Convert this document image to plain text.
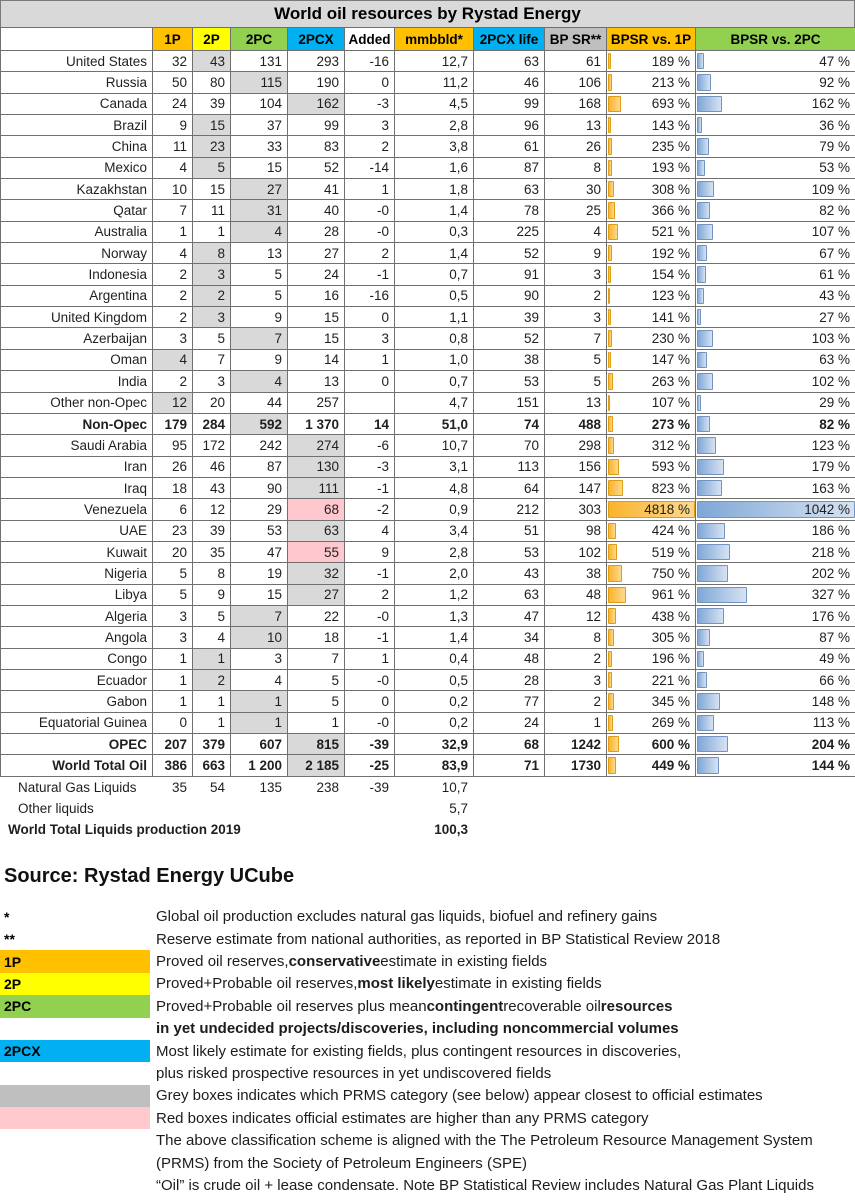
World oil resources by Rystad Energy
	1P	2P	2PC	2PCX	Added	mmbbld*	2PCX life	BP SR**	BPSR vs. 1P	BPSR vs. 2PC
United States	32	43	131	293	-16	12,7	63	61	189 %	47 %
Russia	50	80	115	190	0	11,2	46	106	213 %	92 %
Canada	24	39	104	162	-3	4,5	99	168	693 %	162 %
Brazil	9	15	37	99	3	2,8	96	13	143 %	36 %
China	11	23	33	83	2	3,8	61	26	235 %	79 %
Mexico	4	5	15	52	-14	1,6	87	8	193 %	53 %
Kazakhstan	10	15	27	41	1	1,8	63	30	308 %	109 %
Qatar	7	11	31	40	-0	1,4	78	25	366 %	82 %
Australia	1	1	4	28	-0	0,3	225	4	521 %	107 %
Norway	4	8	13	27	2	1,4	52	9	192 %	67 %
Indonesia	2	3	5	24	-1	0,7	91	3	154 %	61 %
Argentina	2	2	5	16	-16	0,5	90	2	123 %	43 %
United Kingdom	2	3	9	15	0	1,1	39	3	141 %	27 %
Azerbaijan	3	5	7	15	3	0,8	52	7	230 %	103 %
Oman	4	7	9	14	1	1,0	38	5	147 %	63 %
India	2	3	4	13	0	0,7	53	5	263 %	102 %
Other non-Opec	12	20	44	257		4,7	151	13	107 %	29 %
Non-Opec	179	284	592	1 370	14	51,0	74	488	273 %	82 %
Saudi Arabia	95	172	242	274	-6	10,7	70	298	312 %	123 %
Iran	26	46	87	130	-3	3,1	113	156	593 %	179 %
Iraq	18	43	90	111	-1	4,8	64	147	823 %	163 %
Venezuela	6	12	29	68	-2	0,9	212	303	4818 %	1042 %
UAE	23	39	53	63	4	3,4	51	98	424 %	186 %
Kuwait	20	35	47	55	9	2,8	53	102	519 %	218 %
Nigeria	5	8	19	32	-1	2,0	43	38	750 %	202 %
Libya	5	9	15	27	2	1,2	63	48	961 %	327 %
Algeria	3	5	7	22	-0	1,3	47	12	438 %	176 %
Angola	3	4	10	18	-1	1,4	34	8	305 %	87 %
Congo	1	1	3	7	1	0,4	48	2	196 %	49 %
Ecuador	1	2	4	5	-0	0,5	28	3	221 %	66 %
Gabon	1	1	1	5	0	0,2	77	2	345 %	148 %
Equatorial Guinea	0	1	1	1	-0	0,2	24	1	269 %	113 %
OPEC	207	379	607	815	-39	32,9	68	1242	600 %	204 %
World Total Oil	386	663	1 200	2 185	-25	83,9	71	1730	449 %	144 %
Natural Gas Liquids	35	54	135	238	-39	10,7
Other liquids						5,7
World Total Liquids production 2019						100,3
Source: Rystad Energy UCube
*	Global oil production excludes natural gas liquids, biofuel and refinery gains
**	Reserve estimate from national authorities, as reported in BP Statistical Review 2018
1P	Proved oil reserves, conservative estimate in existing fields
2P	Proved+Probable oil reserves, most likely estimate in existing fields
2PC	Proved+Probable oil reserves plus mean contingent recoverable oil resources
in yet undecided projects/discoveries, including noncommercial volumes
2PCX	Most likely estimate for existing fields, plus contingent resources in discoveries,
plus risked prospective resources in yet undiscovered fields
Grey boxes indicates which PRMS category (see below) appear closest to official estimates
Red boxes indicates official estimates are higher than any PRMS category
The above classification scheme is aligned with the The Petroleum Resource Management System
(PRMS) from the Society of Petroleum Engineers (SPE)
“Oil” is crude oil + lease condensate. Note BP Statistical Review includes Natural Gas Plant Liquids
